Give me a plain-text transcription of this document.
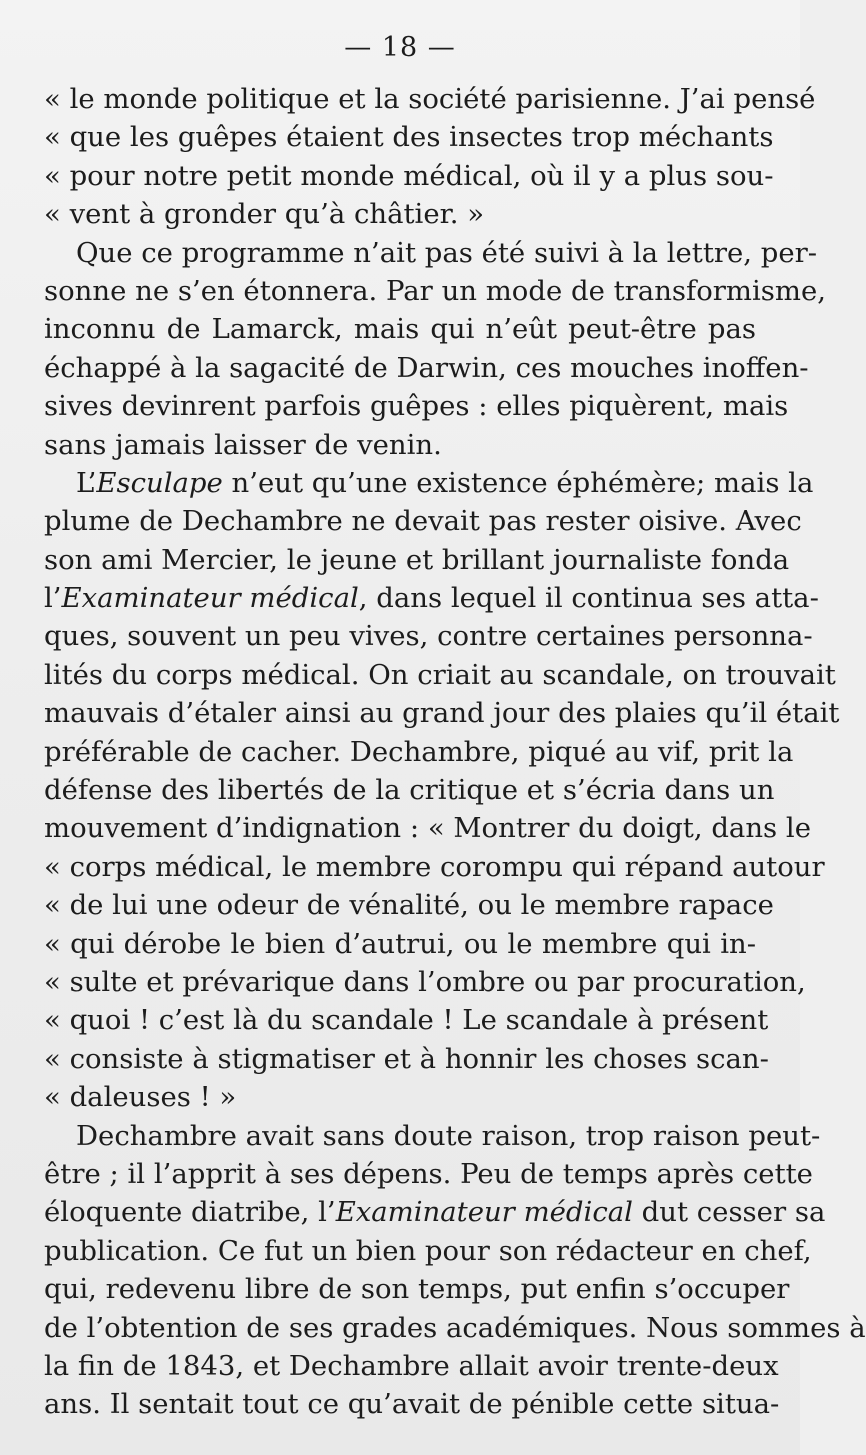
— 18 —
« le monde politique et la société parisienne. J’ai pensé
« que les guêpes étaient des insectes trop méchants
« pour notre petit monde médical, où il y a plus sou-
« vent à gronder qu’à châtier. »
Que ce programme n’ait pas été suivi à la lettre, per-
sonne ne s’en étonnera. Par un mode de transformisme,
inconnu de Lamarck, mais qui n’eût peut-être pas
échappé à la sagacité de Darwin, ces mouches inoffen-
sives devinrent parfois guêpes : elles piquèrent, mais
sans jamais laisser de venin.
L’Esculape n’eut qu’une existence éphémère; mais la
plume de Dechambre ne devait pas rester oisive. Avec
son ami Mercier, le jeune et brillant journaliste fonda
l’Examinateur médical, dans lequel il continua ses atta-
ques, souvent un peu vives, contre certaines personna-
lités du corps médical. On criait au scandale, on trouvait
mauvais d’étaler ainsi au grand jour des plaies qu’il était
préférable de cacher. Dechambre, piqué au vif, prit la
défense des libertés de la critique et s’écria dans un
mouvement d’indignation : « Montrer du doigt, dans le
« corps médical, le membre corompu qui répand autour
« de lui une odeur de vénalité, ou le membre rapace
« qui dérobe le bien d’autrui, ou le membre qui in-
« sulte et prévarique dans l’ombre ou par procuration,
« quoi ! c’est là du scandale ! Le scandale à présent
« consiste à stigmatiser et à honnir les choses scan-
« daleuses ! »
Dechambre avait sans doute raison, trop raison peut-
être ; il l’apprit à ses dépens. Peu de temps après cette
éloquente diatribe, l’Examinateur médical dut cesser sa
publication. Ce fut un bien pour son rédacteur en chef,
qui, redevenu libre de son temps, put enfin s’occuper
de l’obtention de ses grades académiques. Nous sommes à
la fin de 1843, et Dechambre allait avoir trente-deux
ans. Il sentait tout ce qu’avait de pénible cette situa-
